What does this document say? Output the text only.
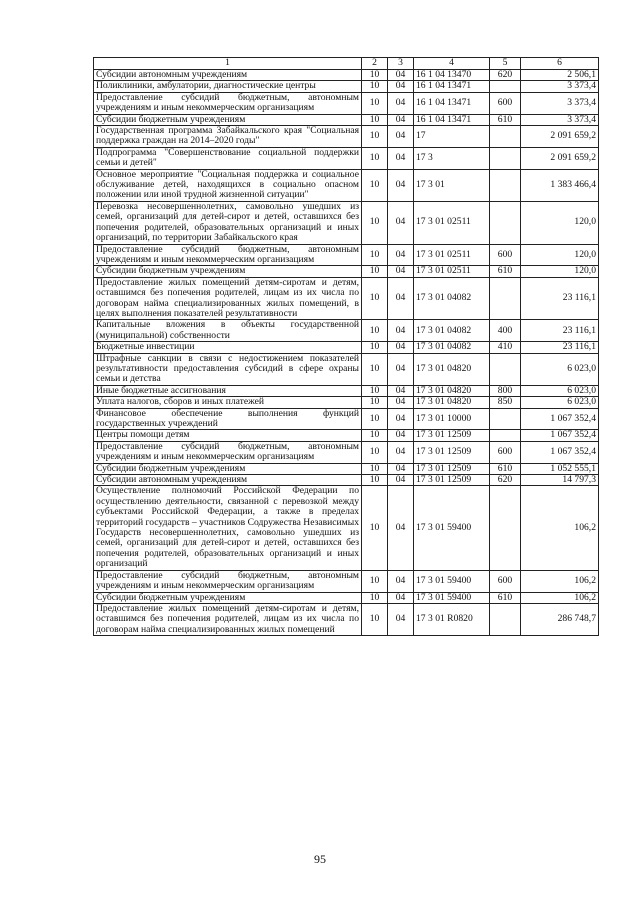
1	2	3	4	5	6
Субсидии автономным учреждениям	10	04	16 1 04 13470	620	2 506,1
Поликлиники, амбулатории, диагностические центры	10	04	16 1 04 13471		3 373,4
Предоставление субсидий бюджетным, автономным учреждениям и иным некоммерческим организациям	10	04	16 1 04 13471	600	3 373,4
Субсидии бюджетным учреждениям	10	04	16 1 04 13471	610	3 373,4
Государственная программа Забайкальского края "Социальная поддержка граждан на 2014–2020 годы"	10	04	17		2 091 659,2
Подпрограмма "Совершенствование социальной поддержки семьи и детей"	10	04	17 3		2 091 659,2
Основное мероприятие "Социальная поддержка и социальное обслуживание детей, находящихся в социально опасном положении или иной трудной жизненной ситуации"	10	04	17 3 01		1 383 466,4
Перевозка несовершеннолетних, самовольно ушедших из семей, организаций для детей-сирот и детей, оставшихся без попечения родителей, образовательных организаций и иных организаций, по территории Забайкальского края	10	04	17 3 01 02511		120,0
Предоставление субсидий бюджетным, автономным учреждениям и иным некоммерческим организациям	10	04	17 3 01 02511	600	120,0
Субсидии бюджетным учреждениям	10	04	17 3 01 02511	610	120,0
Предоставление жилых помещений детям-сиротам и детям, оставшимся без попечения родителей, лицам из их числа по договорам найма специализированных жилых помещений, в целях выполнения показателей результативности	10	04	17 3 01 04082		23 116,1
Капитальные вложения в объекты государственной (муниципальной) собственности	10	04	17 3 01 04082	400	23 116,1
Бюджетные инвестиции	10	04	17 3 01 04082	410	23 116,1
Штрафные санкции в связи с недостижением показателей результативности предоставления субсидий в сфере охраны семьи и детства	10	04	17 3 01 04820		6 023,0
Иные бюджетные ассигнования	10	04	17 3 01 04820	800	6 023,0
Уплата налогов, сборов и иных платежей	10	04	17 3 01 04820	850	6 023,0
Финансовое обеспечение выполнения функций государственных учреждений	10	04	17 3 01 10000		1 067 352,4
Центры помощи детям	10	04	17 3 01 12509		1 067 352,4
Предоставление субсидий бюджетным, автономным учреждениям и иным некоммерческим организациям	10	04	17 3 01 12509	600	1 067 352,4
Субсидии бюджетным учреждениям	10	04	17 3 01 12509	610	1 052 555,1
Субсидии автономным учреждениям	10	04	17 3 01 12509	620	14 797,3
Осуществление полномочий Российской Федерации по осуществлению деятельности, связанной с перевозкой между субъектами Российской Федерации, а также в пределах территорий государств – участников Содружества Независимых Государств несовершеннолетних, самовольно ушедших из семей, организаций для детей-сирот и детей, оставшихся без попечения родителей, образовательных организаций и иных организаций	10	04	17 3 01 59400		106,2
Предоставление субсидий бюджетным, автономным учреждениям и иным некоммерческим организациям	10	04	17 3 01 59400	600	106,2
Субсидии бюджетным учреждениям	10	04	17 3 01 59400	610	106,2
Предоставление жилых помещений детям-сиротам и детям, оставшимся без попечения родителей, лицам из их числа по договорам найма специализированных жилых помещений	10	04	17 3 01 R0820		286 748,7
95
